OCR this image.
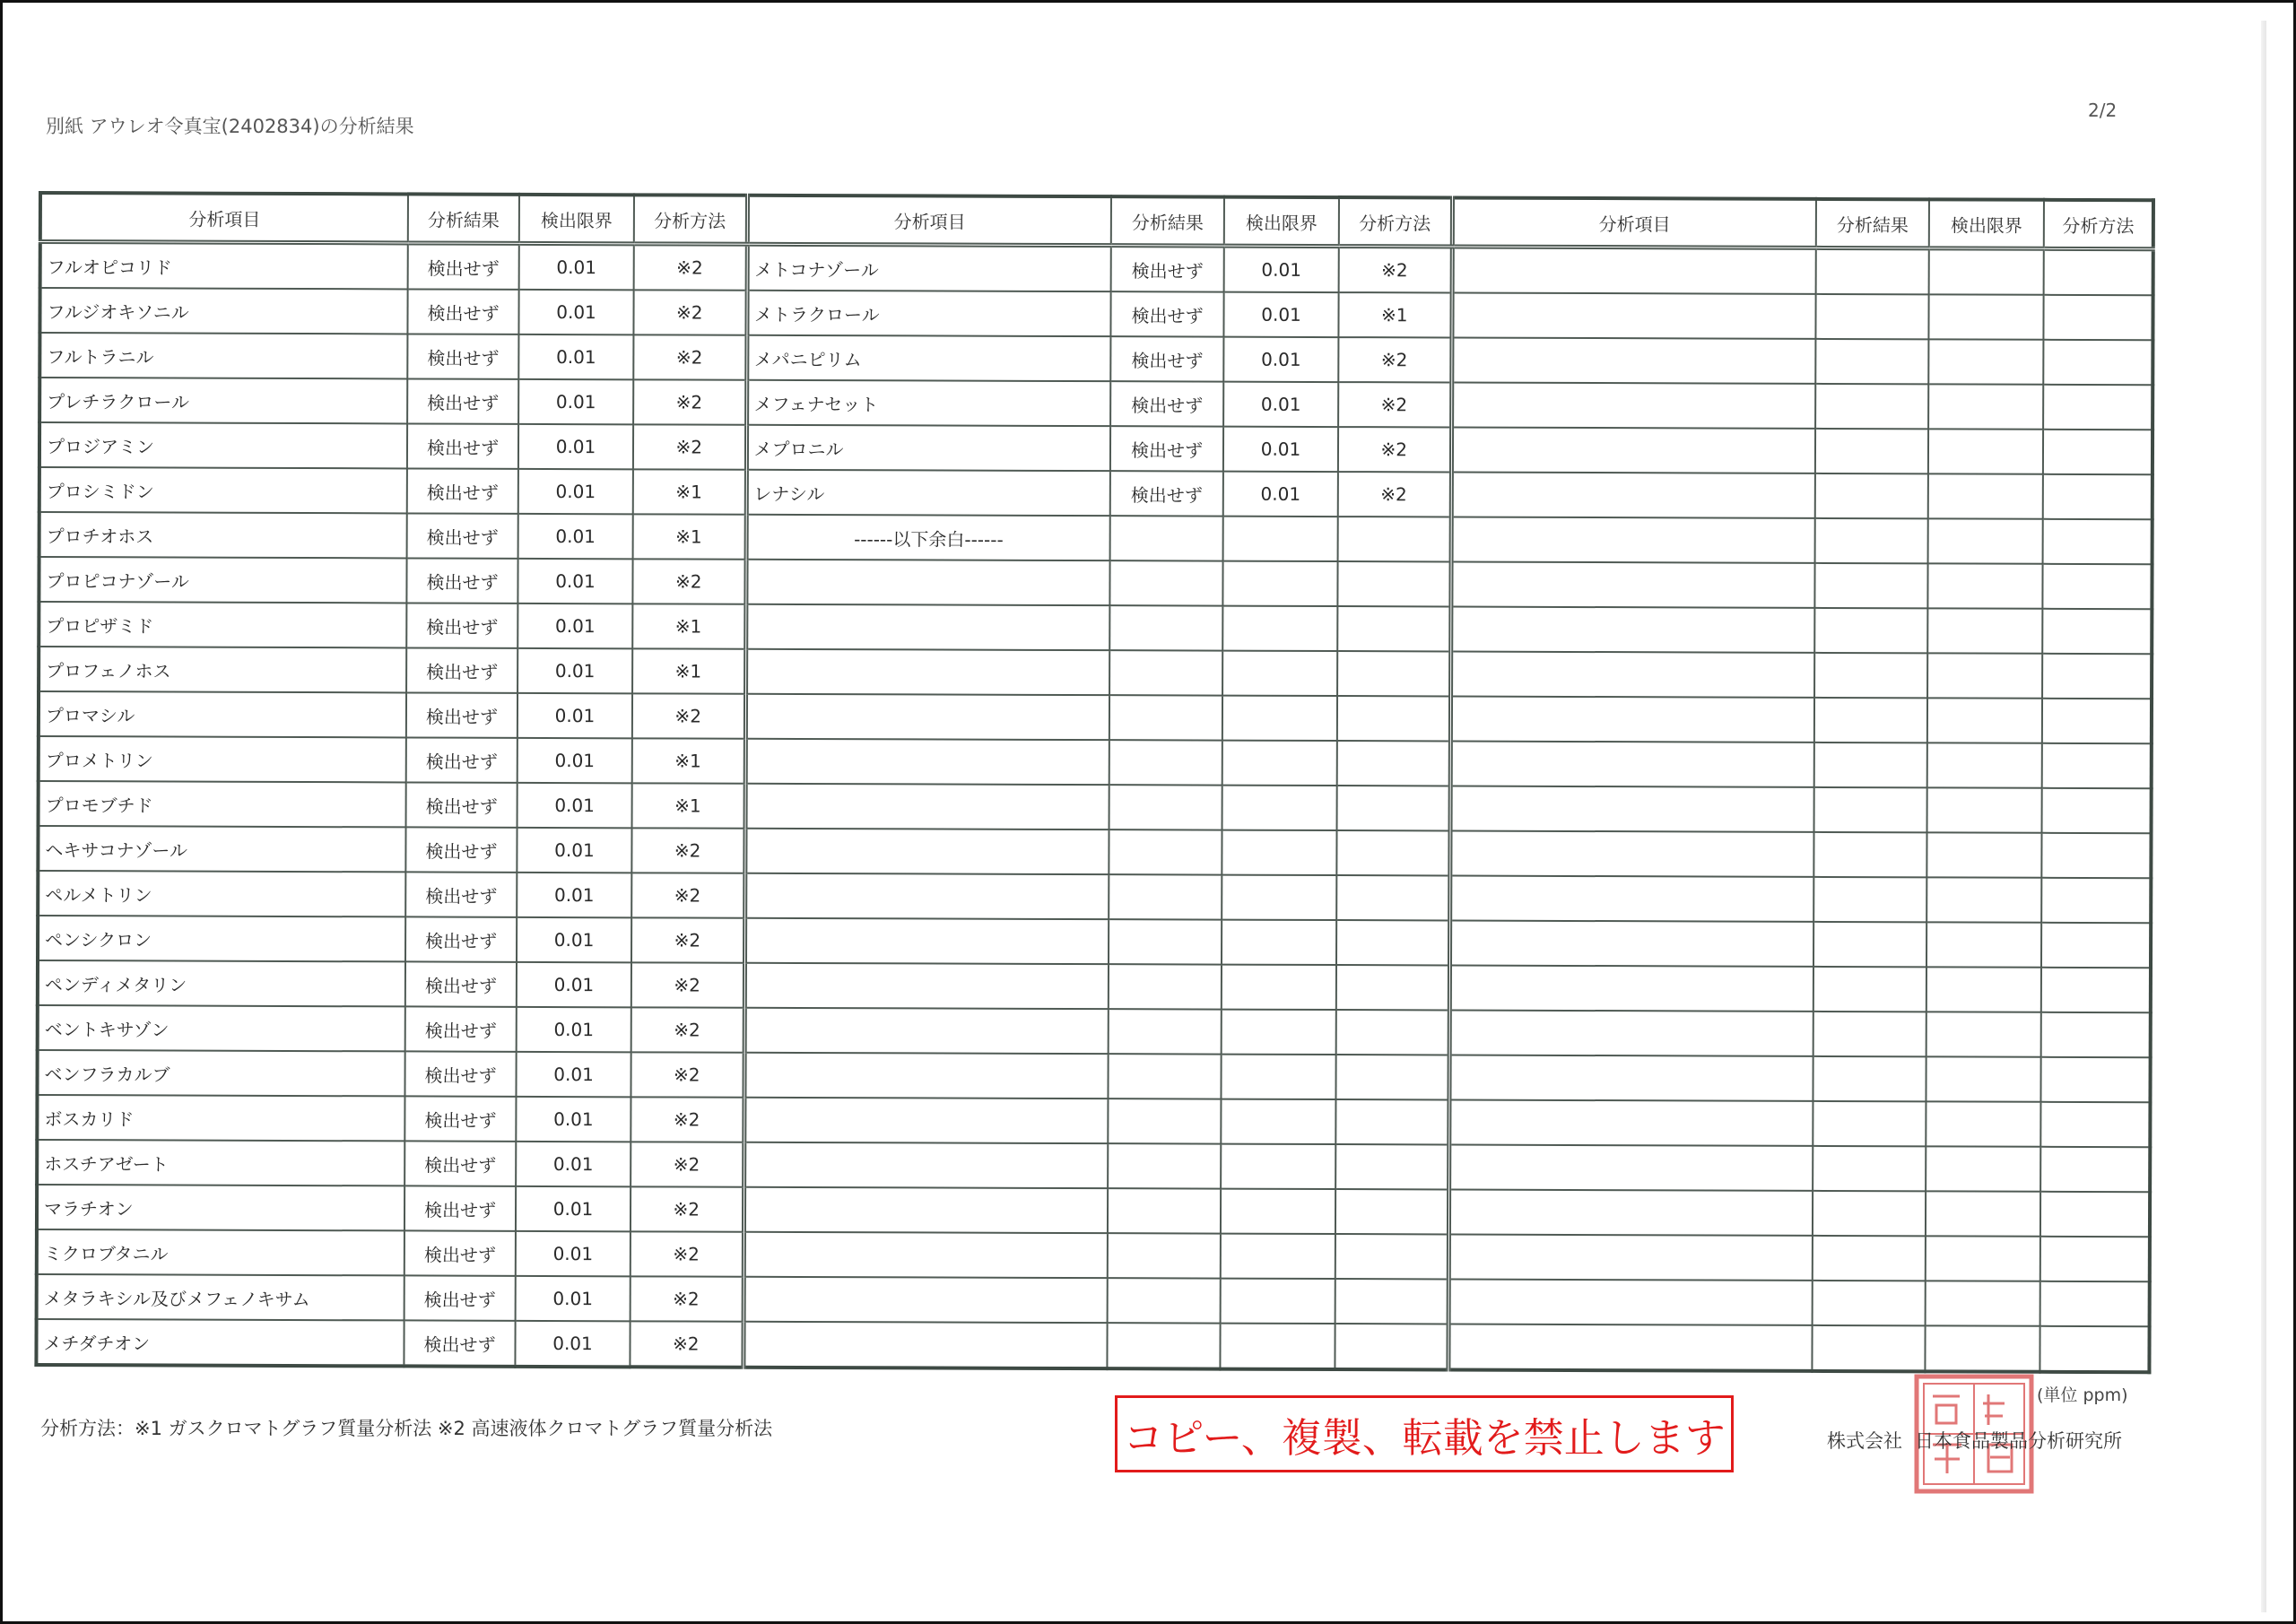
別紙 アウレオ令真宝(2402834)の分析結果
2/2
分析項目	分析結果	検出限界	分析方法	分析項目	分析結果	検出限界	分析方法	分析項目	分析結果	検出限界	分析方法
フルオピコリド	検出せず	0.01	※2	メトコナゾール	検出せず	0.01	※2				
フルジオキソニル	検出せず	0.01	※2	メトラクロール	検出せず	0.01	※1				
フルトラニル	検出せず	0.01	※2	メパニピリム	検出せず	0.01	※2				
プレチラクロール	検出せず	0.01	※2	メフェナセット	検出せず	0.01	※2				
プロジアミン	検出せず	0.01	※2	メプロニル	検出せず	0.01	※2				
プロシミドン	検出せず	0.01	※1	レナシル	検出せず	0.01	※2				
プロチオホス	検出せず	0.01	※1	------以下余白------							
プロピコナゾール	検出せず	0.01	※2								
プロピザミド	検出せず	0.01	※1								
プロフェノホス	検出せず	0.01	※1								
プロマシル	検出せず	0.01	※2								
プロメトリン	検出せず	0.01	※1								
プロモブチド	検出せず	0.01	※1								
ヘキサコナゾール	検出せず	0.01	※2								
ペルメトリン	検出せず	0.01	※2								
ペンシクロン	検出せず	0.01	※2								
ペンディメタリン	検出せず	0.01	※2								
ベントキサゾン	検出せず	0.01	※2								
ベンフラカルブ	検出せず	0.01	※2								
ボスカリド	検出せず	0.01	※2								
ホスチアゼート	検出せず	0.01	※2								
マラチオン	検出せず	0.01	※2								
ミクロブタニル	検出せず	0.01	※2								
メタラキシル及びメフェノキサム	検出せず	0.01	※2								
メチダチオン	検出せず	0.01	※2								
分析方法：※1 ガスクロマトグラフ質量分析法 ※2 高速液体クロマトグラフ質量分析法	コピー、複製、転載を禁止します
(単位 ppm)
株式会社 日本食品製品分析研究所
